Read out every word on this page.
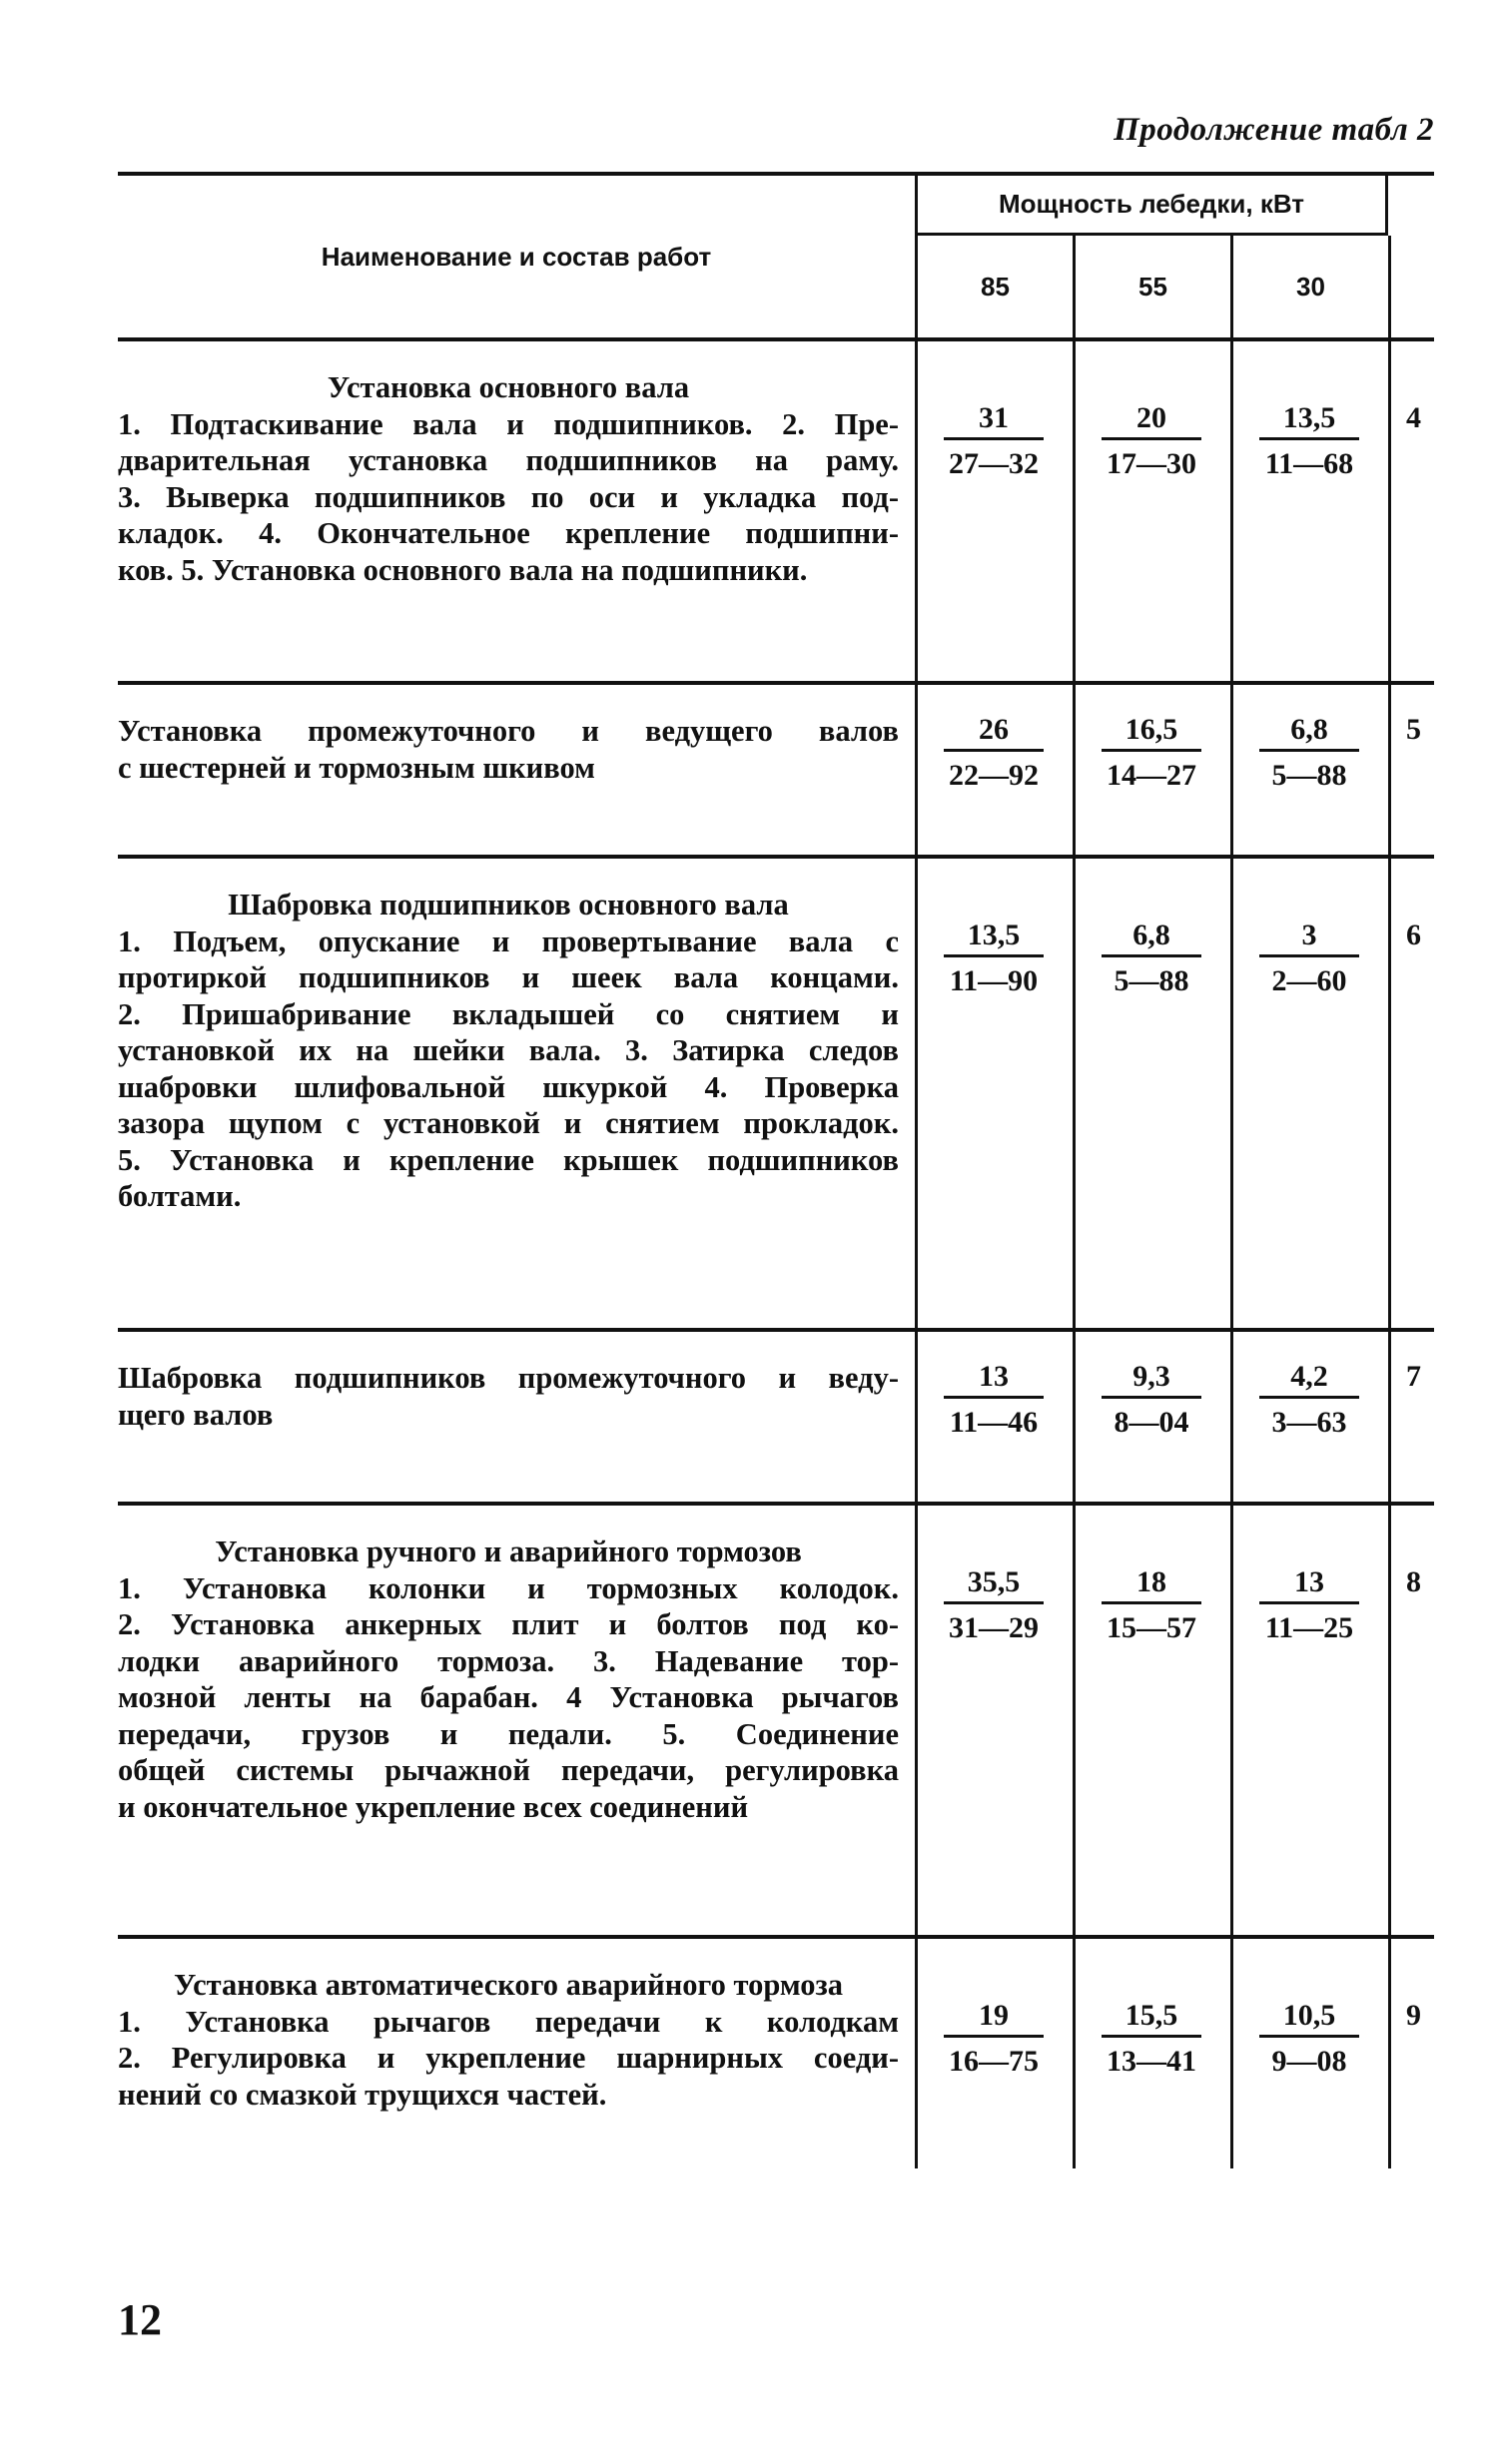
Продолжение табл 2
Наименование и состав работ
Мощность лебедки, кВт
85	55	30
Установка основного вала
1. Подтаскивание вала и подшипников. 2. Пре-
дварительная установка подшипников на раму.
3. Выверка подшипников по оси и укладка под-
кладок. 4. Окончательное крепление подшипни-
ков. 5. Установка основного вала на подшипники.
$\frac{31}{27—32} \frac{20}{17—30} \frac{13,5}{11—68} 4$
Установка промежуточного и ведущего валов
с шестерней и тормозным шкивом	$\frac{26}{22—92} \frac{16,5}{14—27} \frac{6,8}{5—88} 5$
Шабровка подшипников основного вала
1. Подъем, опускание и провертывание вала с
протиркой подшипников и шеек вала концами.
2. Пришабривание вкладышей со снятием и
установкой их на шейки вала. 3. Затирка следов
шабровки шлифовальной шкуркой 4. Проверка
зазора щупом с установкой и снятием прокладок.
5. Установка и крепление крышек подшипников
болтами.
$\frac{13,5}{11—90} \frac{6,8}{5—88} \frac{3}{2—60} 6$
Шабровка подшипников промежуточного и веду-
щего валов	$\frac{13}{11—46} \frac{9,3}{8—04} \frac{4,2}{3—63} 7$
Установка ручного и аварийного тормозов
1. Установка колонки и тормозных колодок.
2. Установка анкерных плит и болтов под ко-
лодки аварийного тормоза. 3. Надевание тор-
мозной ленты на барабан. 4 Установка рычагов
передачи, грузов и педали. 5. Соединение
общей системы рычажной передачи, регулировка
и окончательное укрепление всех соединений
$\frac{35,5}{31—29} \frac{18}{15—57} \frac{13}{11—25} 8$
Установка автоматического аварийного тормоза
1. Установка рычагов передачи к колодкам
2. Регулировка и укрепление шарнирных соеди-
нений со смазкой трущихся частей.
$\frac{19}{16—75} \frac{15,5}{13—41} \frac{10,5}{9—08} 9$
12
